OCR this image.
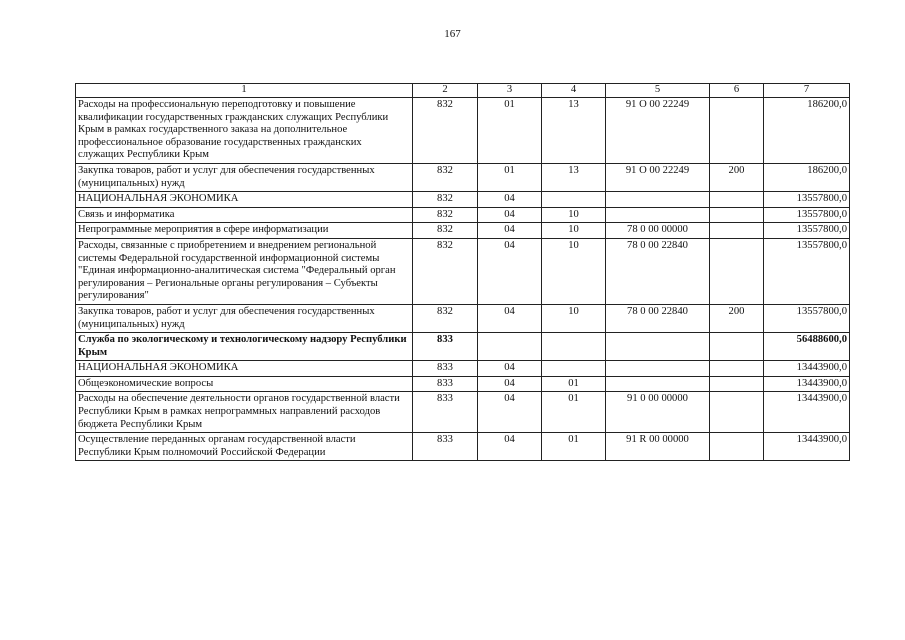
167
1	2	3	4	5	6	7
Расходы на профессиональную переподготовку и повышение квалификации государственных гражданских служащих Республики Крым в рамках государственного заказа на дополнительное профессиональное образование государственных гражданских служащих Республики Крым	832	01	13	91 О 00 22249		186200,0
Закупка товаров, работ и услуг для обеспечения государственных (муниципальных) нужд	832	01	13	91 О 00 22249	200	186200,0
НАЦИОНАЛЬНАЯ ЭКОНОМИКА	832	04				13557800,0
Связь и информатика	832	04	10			13557800,0
Непрограммные мероприятия в сфере информатизации	832	04	10	78 0 00 00000		13557800,0
Расходы, связанные с приобретением и внедрением региональной системы Федеральной государственной информационной системы "Единая информационно-аналитическая система "Федеральный орган регулирования – Региональные органы регулирования – Субъекты регулирования"	832	04	10	78 0 00 22840		13557800,0
Закупка товаров, работ и услуг для обеспечения государственных (муниципальных) нужд	832	04	10	78 0 00 22840	200	13557800,0
Служба по экологическому и технологическому надзору Республики Крым	833					56488600,0
НАЦИОНАЛЬНАЯ ЭКОНОМИКА	833	04				13443900,0
Общеэкономические вопросы	833	04	01			13443900,0
Расходы на обеспечение деятельности органов государственной власти Республики Крым в рамках непрограммных направлений расходов бюджета Республики Крым	833	04	01	91 0 00 00000		13443900,0
Осуществление переданных органам государственной власти Республики Крым полномочий Российской Федерации	833	04	01	91 R 00 00000		13443900,0
